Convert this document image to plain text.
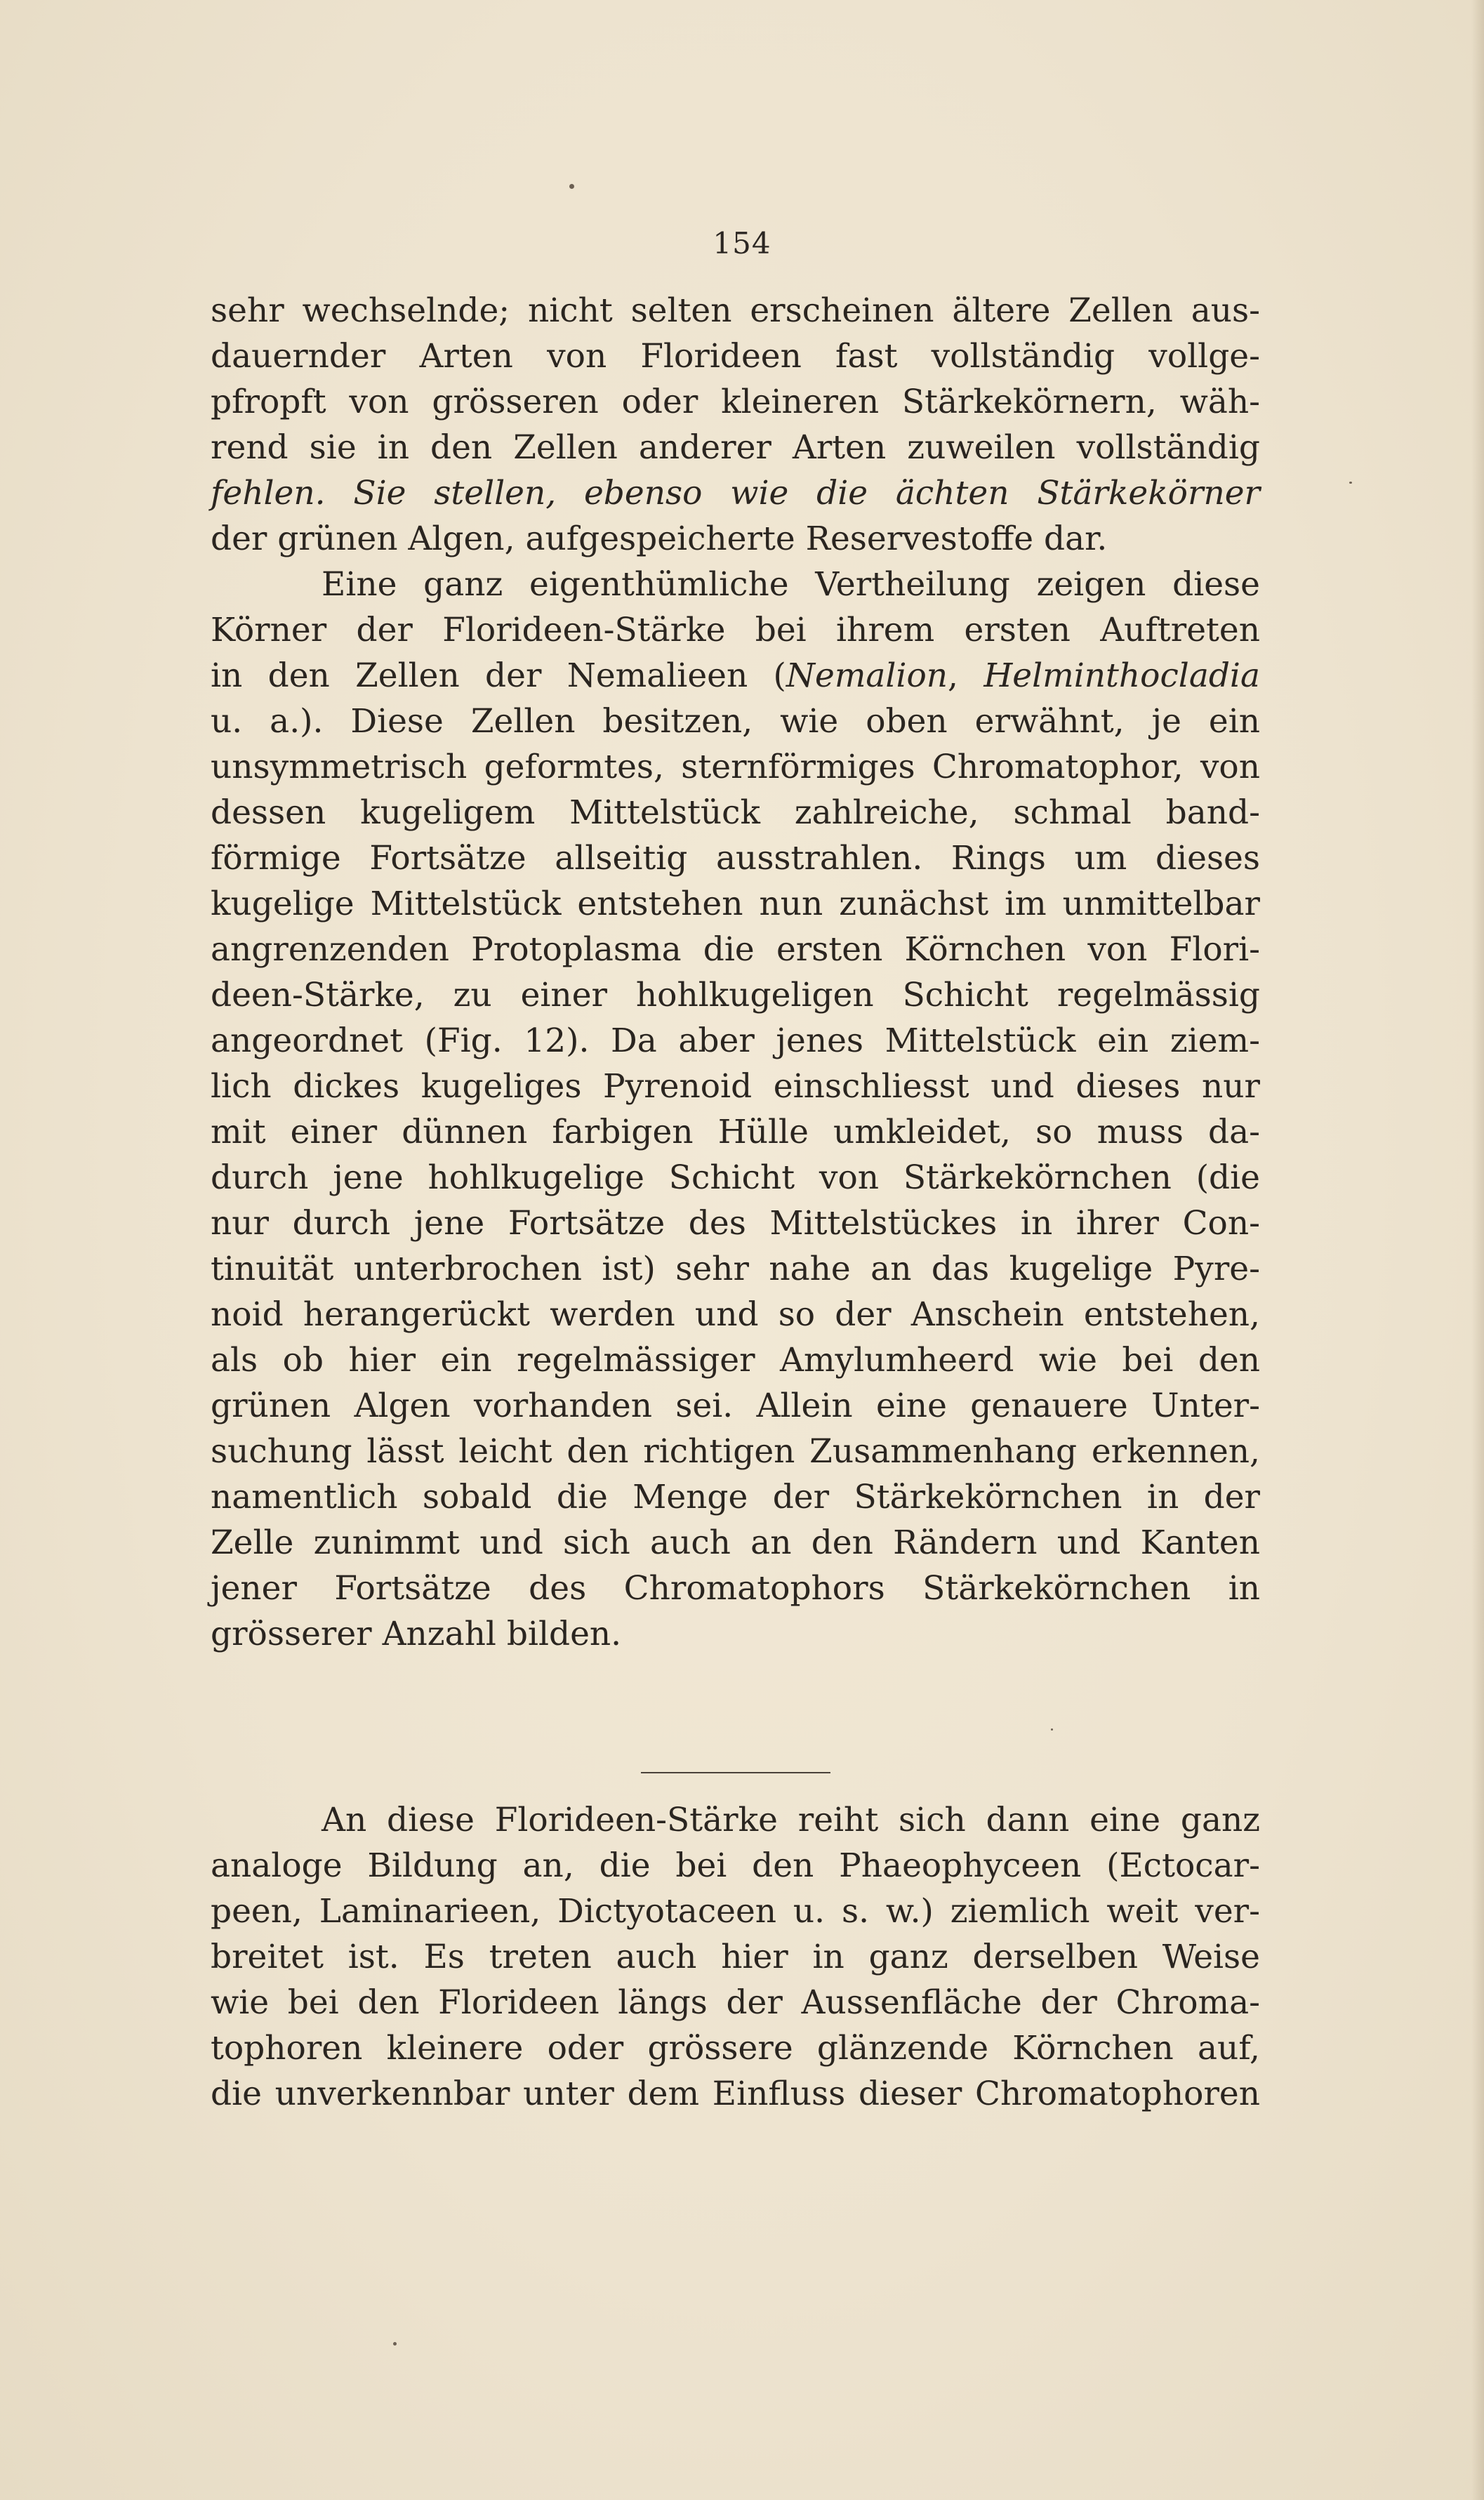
154
sehr wechselnde; nicht selten erscheinen ältere Zellen aus-
dauernder Arten von Florideen fast vollständig vollge-
pfropft von grösseren oder kleineren Stärkekörnern, wäh-
rend sie in den Zellen anderer Arten zuweilen vollständig
fehlen. Sie stellen, ebenso wie die ächten Stärkekörner
der grünen Algen, aufgespeicherte Reservestoffe dar.
Eine ganz eigenthümliche Vertheilung zeigen diese
Körner der Florideen-Stärke bei ihrem ersten Auftreten
in den Zellen der Nemalieen (Nemalion, Helminthocladia
u. a.). Diese Zellen besitzen, wie oben erwähnt, je ein
unsymmetrisch geformtes, sternförmiges Chromatophor, von
dessen kugeligem Mittelstück zahlreiche, schmal band-
förmige Fortsätze allseitig ausstrahlen. Rings um dieses
kugelige Mittelstück entstehen nun zunächst im unmittelbar
angrenzenden Protoplasma die ersten Körnchen von Flori-
deen-Stärke, zu einer hohlkugeligen Schicht regelmässig
angeordnet (Fig. 12). Da aber jenes Mittelstück ein ziem-
lich dickes kugeliges Pyrenoid einschliesst und dieses nur
mit einer dünnen farbigen Hülle umkleidet, so muss da-
durch jene hohlkugelige Schicht von Stärkekörnchen (die
nur durch jene Fortsätze des Mittelstückes in ihrer Con-
tinuität unterbrochen ist) sehr nahe an das kugelige Pyre-
noid herangerückt werden und so der Anschein entstehen,
als ob hier ein regelmässiger Amylumheerd wie bei den
grünen Algen vorhanden sei. Allein eine genauere Unter-
suchung lässt leicht den richtigen Zusammenhang erkennen,
namentlich sobald die Menge der Stärkekörnchen in der
Zelle zunimmt und sich auch an den Rändern und Kanten
jener Fortsätze des Chromatophors Stärkekörnchen in
grösserer Anzahl bilden.
An diese Florideen-Stärke reiht sich dann eine ganz
analoge Bildung an, die bei den Phaeophyceen (Ectocar-
peen, Laminarieen, Dictyotaceen u. s. w.) ziemlich weit ver-
breitet ist. Es treten auch hier in ganz derselben Weise
wie bei den Florideen längs der Aussenfläche der Chroma-
tophoren kleinere oder grössere glänzende Körnchen auf,
die unverkennbar unter dem Einfluss dieser Chromatophoren
